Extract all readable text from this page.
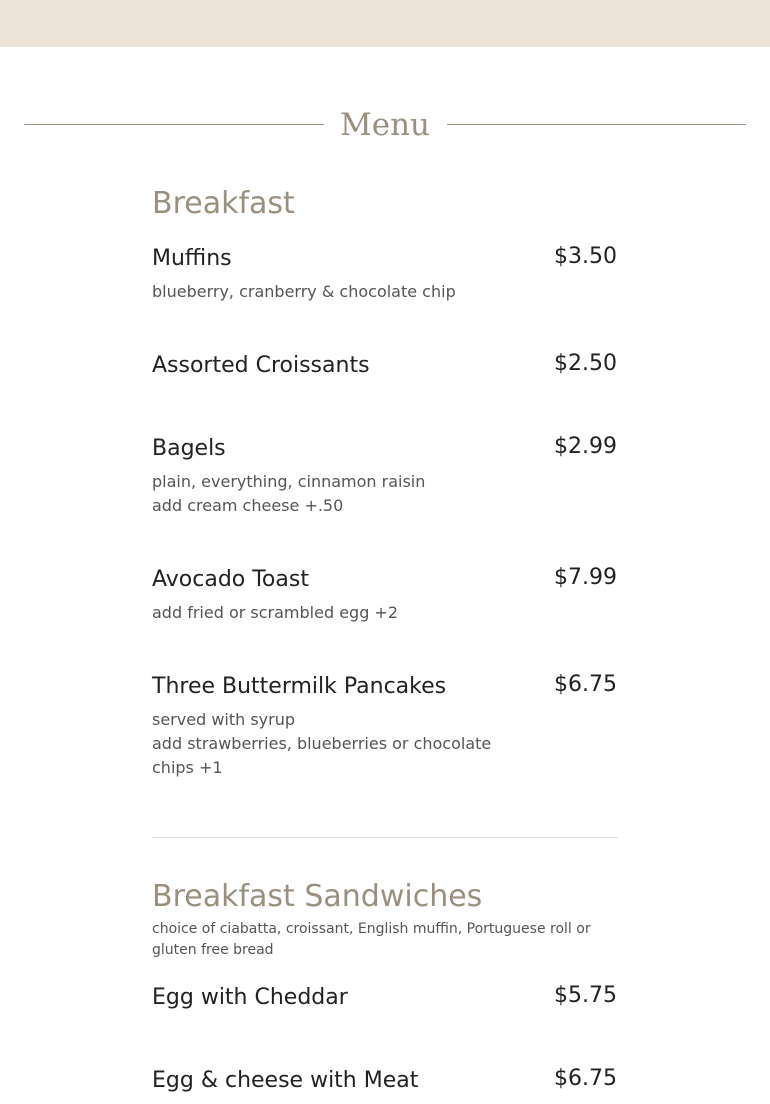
Menu
Breakfast
Muffins	$3.50
blueberry, cranberry & chocolate chip
Assorted Croissants	$2.50
Bagels	$2.99
plain, everything, cinnamon raisin
add cream cheese +.50
Avocado Toast	$7.99
add fried or scrambled egg +2
Three Buttermilk Pancakes	$6.75
served with syrup
add strawberries, blueberries or chocolate chips +1
Breakfast Sandwiches
choice of ciabatta, croissant, English muffin, Portuguese roll or gluten free bread
Egg with Cheddar	$5.75
Egg & cheese with Meat	$6.75
